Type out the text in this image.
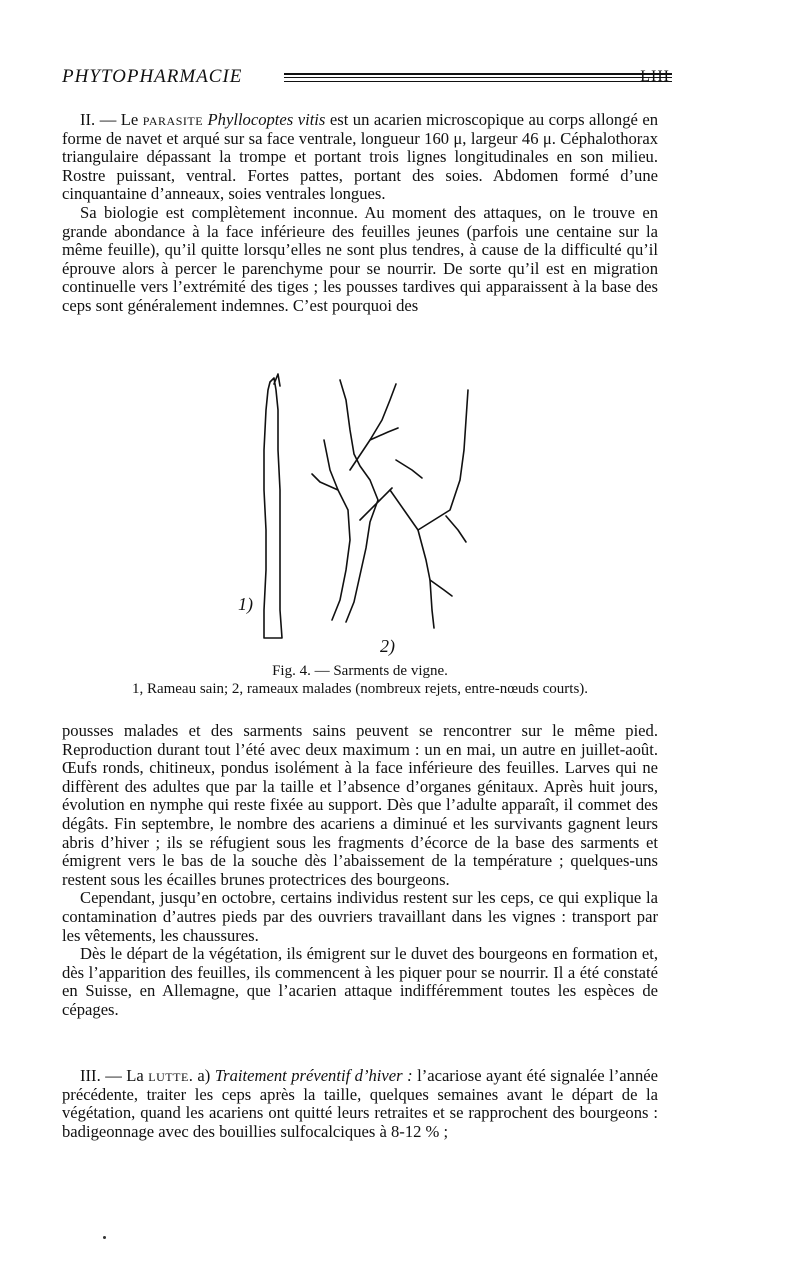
PHYTOPHARMACIE	LIII

II. — Le parasite Phyllocoptes vitis est un acarien microscopique au corps allongé en forme de navet et arqué sur sa face ventrale, longueur 160 μ, largeur 46 μ. Céphalothorax triangulaire dépassant la trompe et portant trois lignes longitudinales en son milieu. Rostre puissant, ventral. Fortes pattes, portant des soies. Abdomen formé d’une cinquantaine d’anneaux, soies ventrales longues.

Sa biologie est complètement inconnue. Au moment des attaques, on le trouve en grande abondance à la face inférieure des feuilles jeunes (parfois une centaine sur la même feuille), qu’il quitte lorsqu’elles ne sont plus tendres, à cause de la difficulté qu’il éprouve alors à percer le parenchyme pour se nourrir. De sorte qu’il est en migration continuelle vers l’extrémité des tiges ; les pousses tardives qui apparaissent à la base des ceps sont généralement indemnes. C’est pourquoi des

1)
2)
Fig. 4. — Sarments de vigne.
1, Rameau sain; 2, rameaux malades (nombreux rejets, entre-nœuds courts).

pousses malades et des sarments sains peuvent se rencontrer sur le même pied. Reproduction durant tout l’été avec deux maximum : un en mai, un autre en juillet-août. Œufs ronds, chitineux, pondus isolément à la face inférieure des feuilles. Larves qui ne diffèrent des adultes que par la taille et l’absence d’organes génitaux. Après huit jours, évolution en nymphe qui reste fixée au support. Dès que l’adulte apparaît, il commet des dégâts. Fin septembre, le nombre des acariens a diminué et les survivants gagnent leurs abris d’hiver ; ils se réfugient sous les fragments d’écorce de la base des sarments et émigrent vers le bas de la souche dès l’abaissement de la température ; quelques-uns restent sous les écailles brunes protectrices des bourgeons.

Cependant, jusqu’en octobre, certains individus restent sur les ceps, ce qui explique la contamination d’autres pieds par des ouvriers travaillant dans les vignes : transport par les vêtements, les chaussures.

Dès le départ de la végétation, ils émigrent sur le duvet des bourgeons en formation et, dès l’apparition des feuilles, ils commencent à les piquer pour se nourrir. Il a été constaté en Suisse, en Allemagne, que l’acarien attaque indifféremment toutes les espèces de cépages.

III. — La lutte. a) Traitement préventif d’hiver : l’acariose ayant été signalée l’année précédente, traiter les ceps après la taille, quelques semaines avant le départ de la végétation, quand les acariens ont quitté leurs retraites et se rapprochent des bourgeons : badigeonnage avec des bouillies sulfocalciques à 8-12 % ;
